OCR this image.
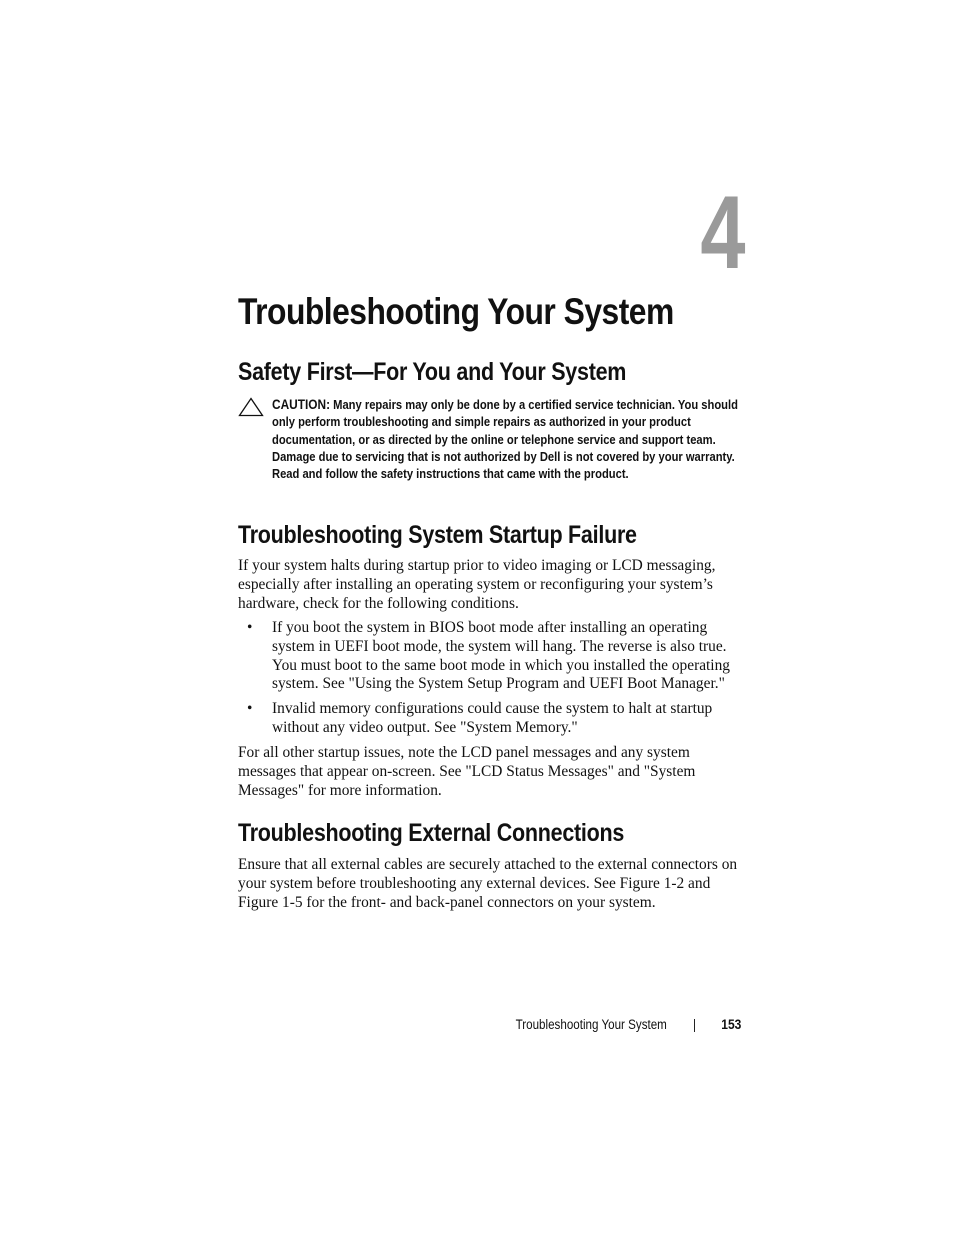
4
Troubleshooting Your System
Safety First—For You and Your System

CAUTION: Many repairs may only be done by a certified service technician. You should only perform troubleshooting and simple repairs as authorized in your product documentation, or as directed by the online or telephone service and support team. Damage due to servicing that is not authorized by Dell is not covered by your warranty. Read and follow the safety instructions that came with the product.

Troubleshooting System Startup Failure

If your system halts during startup prior to video imaging or LCD messaging, especially after installing an operating system or reconfiguring your system’s hardware, check for the following conditions.

• If you boot the system in BIOS boot mode after installing an operating system in UEFI boot mode, the system will hang. The reverse is also true. You must boot to the same boot mode in which you installed the operating system. See "Using the System Setup Program and UEFI Boot Manager."
• Invalid memory configurations could cause the system to halt at startup without any video output. See "System Memory."

For all other startup issues, note the LCD panel messages and any system messages that appear on-screen. See "LCD Status Messages" and "System Messages" for more information.

Troubleshooting External Connections

Ensure that all external cables are securely attached to the external connectors on your system before troubleshooting any external devices. See Figure 1-2 and Figure 1-5 for the front- and back-panel connectors on your system.

Troubleshooting Your System	153
